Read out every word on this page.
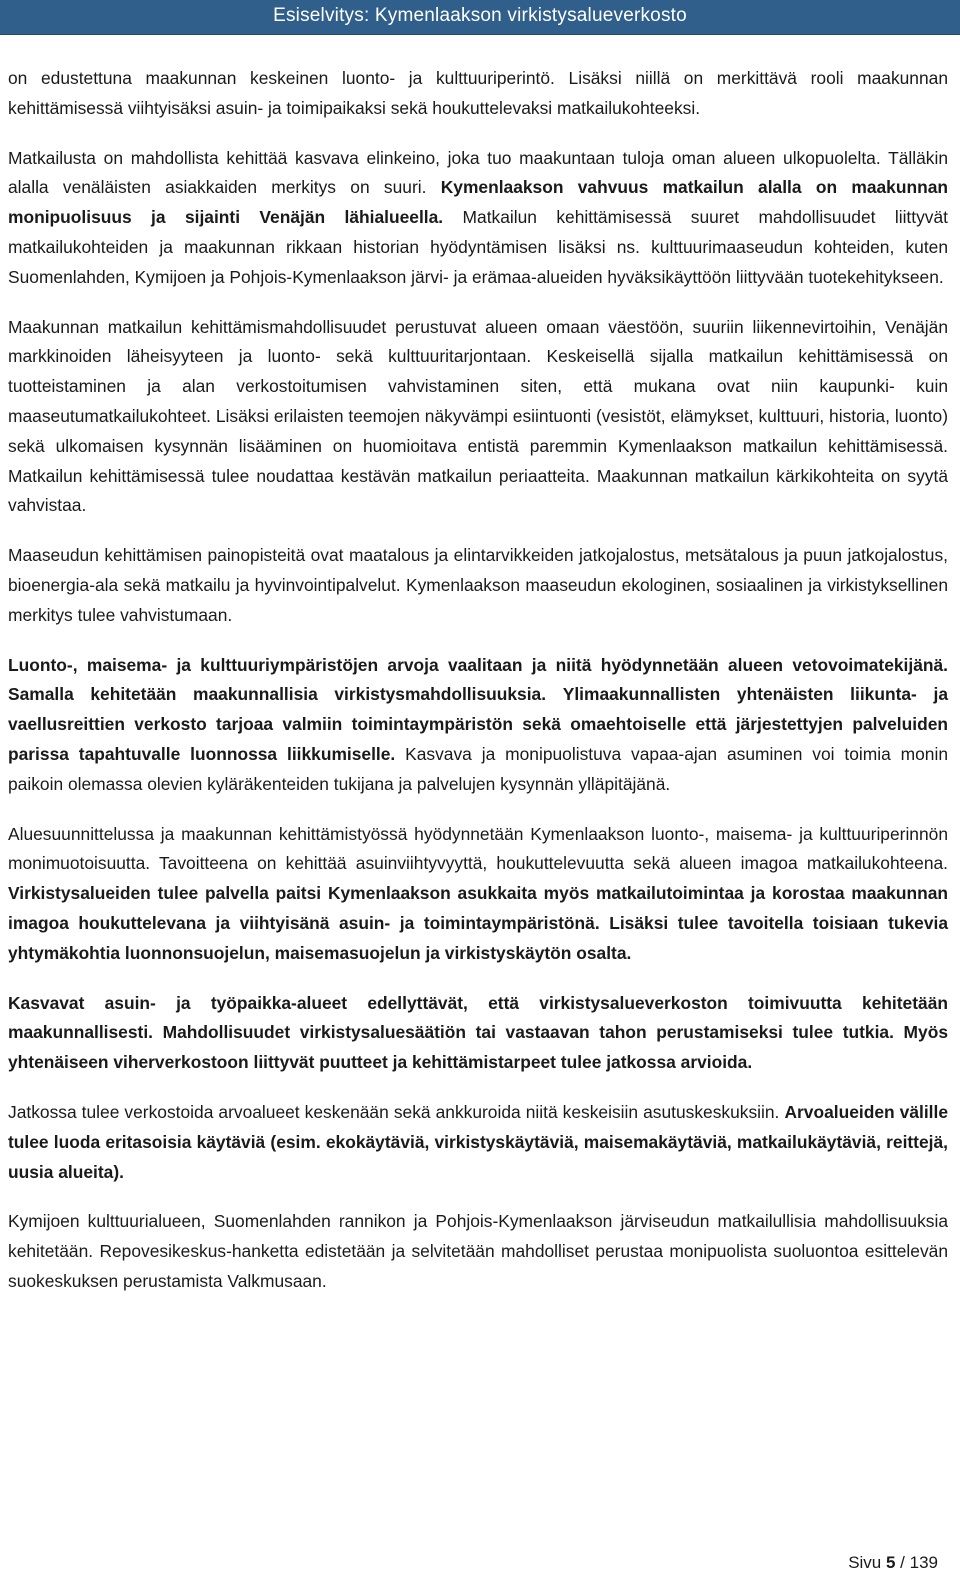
Esiselvitys: Kymenlaakson virkistysalueverkosto

on edustettuna maakunnan keskeinen luonto- ja kulttuuriperintö. Lisäksi niillä on merkittävä rooli maakunnan kehittämisessä viihtyisäksi asuin- ja toimipaikaksi sekä houkuttelevaksi matkailukohteeksi.

Matkailusta on mahdollista kehittää kasvava elinkeino, joka tuo maakuntaan tuloja oman alueen ulkopuolelta. Tälläkin alalla venäläisten asiakkaiden merkitys on suuri. Kymenlaakson vahvuus matkailun alalla on maakunnan monipuolisuus ja sijainti Venäjän lähialueella. Matkailun kehittämisessä suuret mahdollisuudet liittyvät matkailukohteiden ja maakunnan rikkaan historian hyödyntämisen lisäksi ns. kulttuurimaaseudun kohteiden, kuten Suomenlahden, Kymijoen ja Pohjois-Kymenlaakson järvi- ja erämaa-alueiden hyväksikäyttöön liittyvään tuotekehitykseen.

Maakunnan matkailun kehittämismahdollisuudet perustuvat alueen omaan väestöön, suuriin liikennevirtoihin, Venäjän markkinoiden läheisyyteen ja luonto- sekä kulttuuritarjontaan. Keskeisellä sijalla matkailun kehittämisessä on tuotteistaminen ja alan verkostoitumisen vahvistaminen siten, että mukana ovat niin kaupunki- kuin maaseutumatkailukohteet. Lisäksi erilaisten teemojen näkyvämpi esiintuonti (vesistöt, elämykset, kulttuuri, historia, luonto) sekä ulkomaisen kysynnän lisääminen on huomioitava entistä paremmin Kymenlaakson matkailun kehittämisessä. Matkailun kehittämisessä tulee noudattaa kestävän matkailun periaatteita. Maakunnan matkailun kärkikohteita on syytä vahvistaa.

Maaseudun kehittämisen painopisteitä ovat maatalous ja elintarvikkeiden jatkojalostus, metsätalous ja puun jatkojalostus, bioenergia-ala sekä matkailu ja hyvinvointipalvelut. Kymenlaakson maaseudun ekologinen, sosiaalinen ja virkistyksellinen merkitys tulee vahvistumaan.

Luonto-, maisema- ja kulttuuriympäristöjen arvoja vaalitaan ja niitä hyödynnetään alueen vetovoimatekijänä. Samalla kehitetään maakunnallisia virkistysmahdollisuuksia. Ylimaakunnallisten yhtenäisten liikunta- ja vaellusreittien verkosto tarjoaa valmiin toimintaympäristön sekä omaehtoiselle että järjestettyjen palveluiden parissa tapahtuvalle luonnossa liikkumiselle. Kasvava ja monipuolistuva vapaa-ajan asuminen voi toimia monin paikoin olemassa olevien kyläräkenteiden tukijana ja palvelujen kysynnän ylläpitäjänä.

Aluesuunnittelussa ja maakunnan kehittämistyössä hyödynnetään Kymenlaakson luonto-, maisema- ja kulttuuriperinnön monimuotoisuutta. Tavoitteena on kehittää asuinviihtyvyyttä, houkuttelevuutta sekä alueen imagoa matkailukohteena. Virkistysalueiden tulee palvella paitsi Kymenlaakson asukkaita myös matkailutoimintaa ja korostaa maakunnan imagoa houkuttelevana ja viihtyisänä asuin- ja toimintaympäristönä. Lisäksi tulee tavoitella toisiaan tukevia yhtymäkohtia luonnonsuojelun, maisemasuojelun ja virkistyskäytön osalta.

Kasvavat asuin- ja työpaikka-alueet edellyttävät, että virkistysalueverkoston toimivuutta kehitetään maakunnallisesti. Mahdollisuudet virkistysaluesäätiön tai vastaavan tahon perustamiseksi tulee tutkia. Myös yhtenäiseen viherverkostoon liittyvät puutteet ja kehittämistarpeet tulee jatkossa arvioida.

Jatkossa tulee verkostoida arvoalueet keskenään sekä ankkuroida niitä keskeisiin asutuskeskuksiin. Arvoalueiden välille tulee luoda eritasoisia käytäviä (esim. ekokäytäviä, virkistyskäytäviä, maisemakäytäviä, matkailukäytäviä, reittejä, uusia alueita).

Kymijoen kulttuurialueen, Suomenlahden rannikon ja Pohjois-Kymenlaakson järviseudun matkailullisia mahdollisuuksia kehitetään. Repovesikeskus-hanketta edistetään ja selvitetään mahdolliset perustaa monipuolista suoluontoa esittelevän suokeskuksen perustamista Valkmusaan.

Sivu 5 / 139
